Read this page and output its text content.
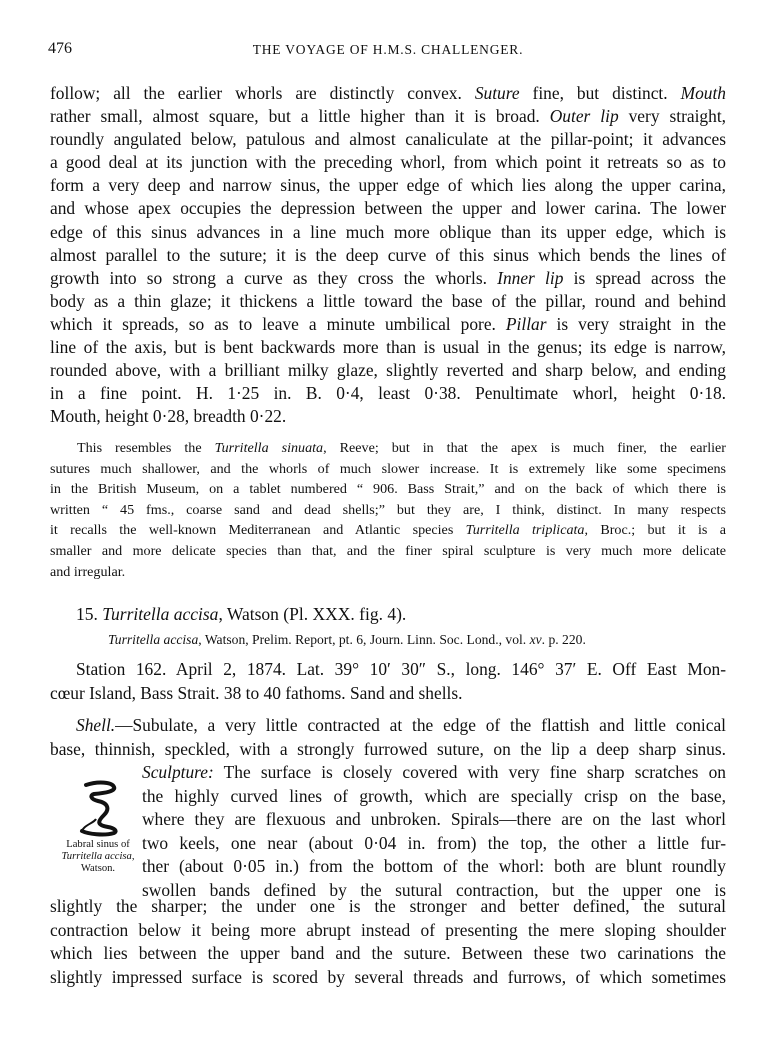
476	THE VOYAGE OF H.M.S. CHALLENGER.
follow; all the earlier whorls are distinctly convex. Suture fine, but distinct. Mouth
rather small, almost square, but a little higher than it is broad. Outer lip very straight,
roundly angulated below, patulous and almost canaliculate at the pillar-point; it advances
a good deal at its junction with the preceding whorl, from which point it retreats so as to
form a very deep and narrow sinus, the upper edge of which lies along the upper carina,
and whose apex occupies the depression between the upper and lower carina. The lower
edge of this sinus advances in a line much more oblique than its upper edge, which is
almost parallel to the suture; it is the deep curve of this sinus which bends the lines of
growth into so strong a curve as they cross the whorls. Inner lip is spread across the
body as a thin glaze; it thickens a little toward the base of the pillar, round and behind
which it spreads, so as to leave a minute umbilical pore. Pillar is very straight in the
line of the axis, but is bent backwards more than is usual in the genus; its edge is narrow,
rounded above, with a brilliant milky glaze, slightly reverted and sharp below, and ending
in a fine point. H. 1·25 in. B. 0·4, least 0·38. Penultimate whorl, height 0·18.
Mouth, height 0·28, breadth 0·22.
This resembles the Turritella sinuata, Reeve; but in that the apex is much finer, the earlier
sutures much shallower, and the whorls of much slower increase. It is extremely like some specimens
in the British Museum, on a tablet numbered “ 906. Bass Strait,” and on the back of which there is
written “ 45 fms., coarse sand and dead shells;” but they are, I think, distinct. In many respects
it recalls the well-known Mediterranean and Atlantic species Turritella triplicata, Broc.; but it is a
smaller and more delicate species than that, and the finer spiral sculpture is very much more delicate
and irregular.
15. Turritella accisa, Watson (Pl. XXX. fig. 4).
Turritella accisa, Watson, Prelim. Report, pt. 6, Journ. Linn. Soc. Lond., vol. xv. p. 220.
Station 162. April 2, 1874. Lat. 39° 10′ 30″ S., long. 146° 37′ E. Off East Mon-
cœur Island, Bass Strait. 38 to 40 fathoms. Sand and shells.
Shell.—Subulate, a very little contracted at the edge of the flattish and little conical
base, thinnish, speckled, with a strongly furrowed suture, on the lip a deep sharp sinus.
Labral sinus of
Turritella accisa,
Watson.
Sculpture: The surface is closely covered with very fine sharp scratches on
the highly curved lines of growth, which are specially crisp on the base,
where they are flexuous and unbroken. Spirals—there are on the last whorl
two keels, one near (about 0·04 in. from) the top, the other a little fur-
ther (about 0·05 in.) from the bottom of the whorl: both are blunt roundly
swollen bands defined by the sutural contraction, but the upper one is
slightly the sharper; the under one is the stronger and better defined, the sutural
contraction below it being more abrupt instead of presenting the mere sloping shoulder
which lies between the upper band and the suture. Between these two carinations the
slightly impressed surface is scored by several threads and furrows, of which sometimes
